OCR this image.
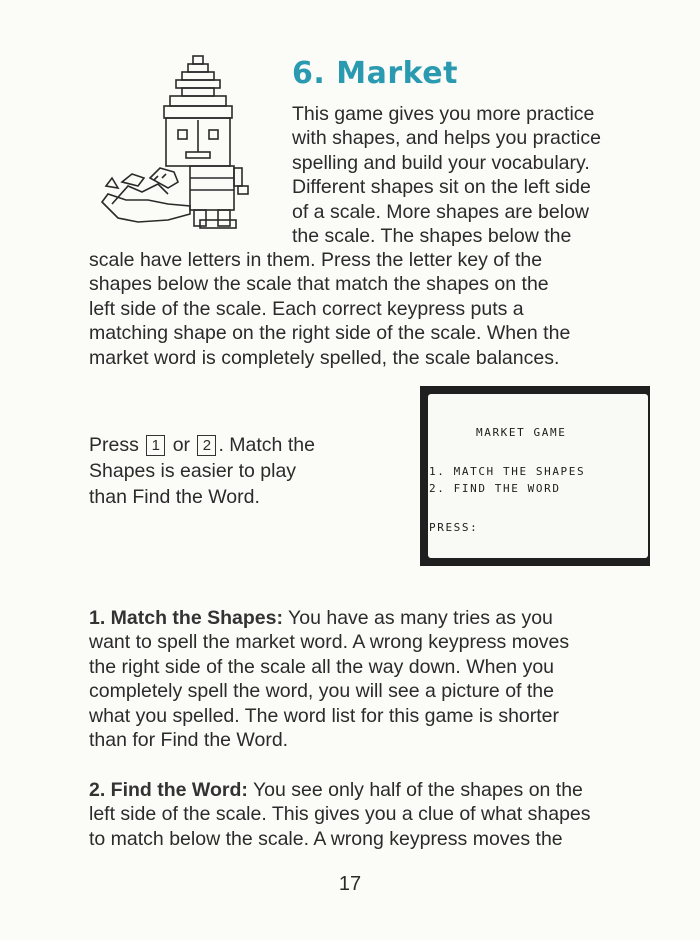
6. Market
This game gives you more practice
with shapes, and helps you practice
spelling and build your vocabulary.
Different shapes sit on the left side
of a scale. More shapes are below
the scale. The shapes below the
scale have letters in them. Press the letter key of the
shapes below the scale that match the shapes on the
left side of the scale. Each correct keypress puts a
matching shape on the right side of the scale. When the
market word is completely spelled, the scale balances.
Press 1 or 2 . Match the
Shapes is easier to play
than Find the Word.
MARKET GAME
1. MATCH THE SHAPES
2. FIND THE WORD
PRESS:
1. Match the Shapes: You have as many tries as you
want to spell the market word. A wrong keypress moves
the right side of the scale all the way down. When you
completely spell the word, you will see a picture of the
what you spelled. The word list for this game is shorter
than for Find the Word.
2. Find the Word: You see only half of the shapes on the
left side of the scale. This gives you a clue of what shapes
to match below the scale. A wrong keypress moves the
17
